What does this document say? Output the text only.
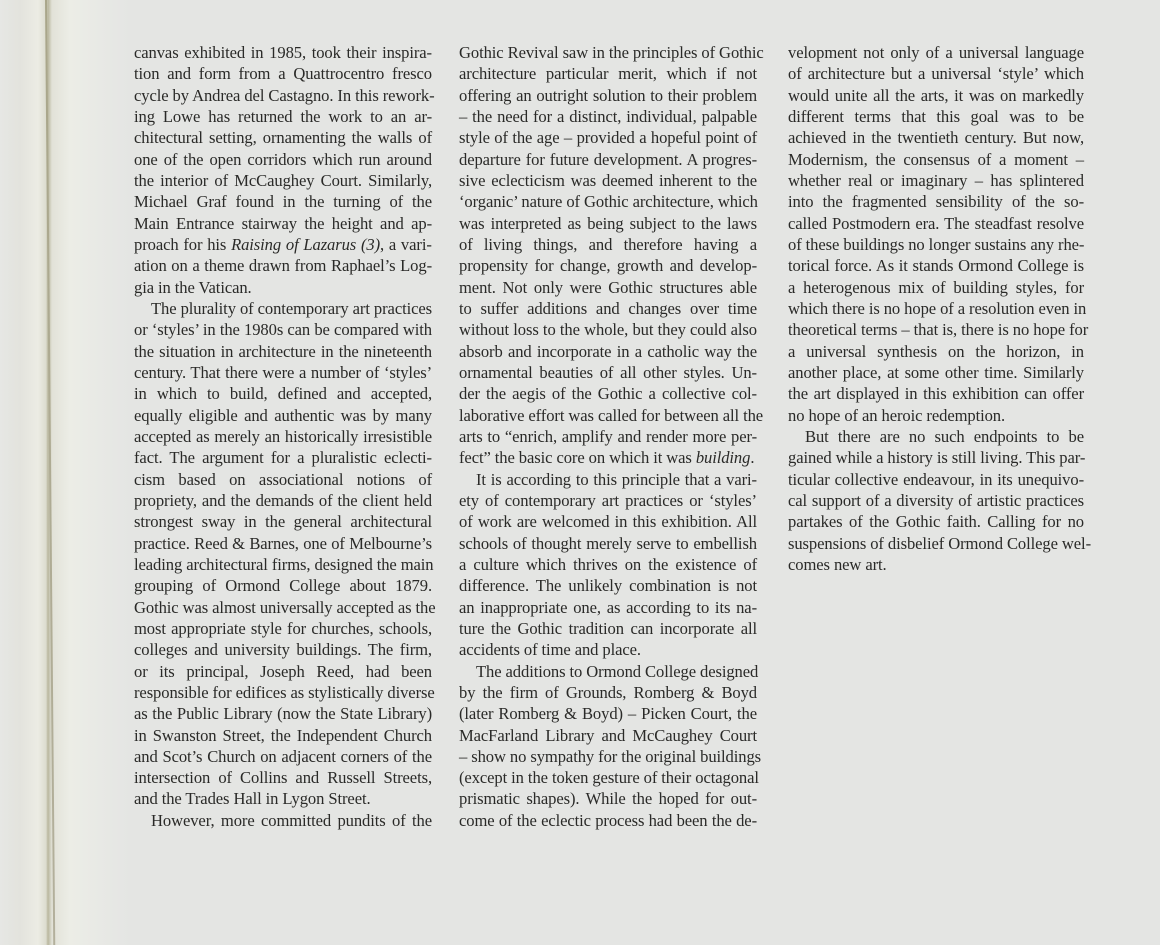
canvas exhibited in 1985, took their inspira-
tion and form from a Quattrocentro fresco
cycle by Andrea del Castagno. In this rework-
ing Lowe has returned the work to an ar-
chitectural setting, ornamenting the walls of
one of the open corridors which run around
the interior of McCaughey Court. Similarly,
Michael Graf found in the turning of the
Main Entrance stairway the height and ap-
proach for his Raising of Lazarus (3), a vari-
ation on a theme drawn from Raphael’s Log-
gia in the Vatican.
The plurality of contemporary art practices
or ‘styles’ in the 1980s can be compared with
the situation in architecture in the nineteenth
century. That there were a number of ‘styles’
in which to build, defined and accepted,
equally eligible and authentic was by many
accepted as merely an historically irresistible
fact. The argument for a pluralistic eclecti-
cism based on associational notions of
propriety, and the demands of the client held
strongest sway in the general architectural
practice. Reed & Barnes, one of Melbourne’s
leading architectural firms, designed the main
grouping of Ormond College about 1879.
Gothic was almost universally accepted as the
most appropriate style for churches, schools,
colleges and university buildings. The firm,
or its principal, Joseph Reed, had been
responsible for edifices as stylistically diverse
as the Public Library (now the State Library)
in Swanston Street, the Independent Church
and Scot’s Church on adjacent corners of the
intersection of Collins and Russell Streets,
and the Trades Hall in Lygon Street.
However, more committed pundits of the
Gothic Revival saw in the principles of Gothic
architecture particular merit, which if not
offering an outright solution to their problem
– the need for a distinct, individual, palpable
style of the age – provided a hopeful point of
departure for future development. A progres-
sive eclecticism was deemed inherent to the
‘organic’ nature of Gothic architecture, which
was interpreted as being subject to the laws
of living things, and therefore having a
propensity for change, growth and develop-
ment. Not only were Gothic structures able
to suffer additions and changes over time
without loss to the whole, but they could also
absorb and incorporate in a catholic way the
ornamental beauties of all other styles. Un-
der the aegis of the Gothic a collective col-
laborative effort was called for between all the
arts to “enrich, amplify and render more per-
fect” the basic core on which it was building.
It is according to this principle that a vari-
ety of contemporary art practices or ‘styles’
of work are welcomed in this exhibition. All
schools of thought merely serve to embellish
a culture which thrives on the existence of
difference. The unlikely combination is not
an inappropriate one, as according to its na-
ture the Gothic tradition can incorporate all
accidents of time and place.
The additions to Ormond College designed
by the firm of Grounds, Romberg & Boyd
(later Romberg & Boyd) – Picken Court, the
MacFarland Library and McCaughey Court
– show no sympathy for the original buildings
(except in the token gesture of their octagonal
prismatic shapes). While the hoped for out-
come of the eclectic process had been the de-
velopment not only of a universal language
of architecture but a universal ‘style’ which
would unite all the arts, it was on markedly
different terms that this goal was to be
achieved in the twentieth century. But now,
Modernism, the consensus of a moment –
whether real or imaginary – has splintered
into the fragmented sensibility of the so-
called Postmodern era. The steadfast resolve
of these buildings no longer sustains any rhe-
torical force. As it stands Ormond College is
a heterogenous mix of building styles, for
which there is no hope of a resolution even in
theoretical terms – that is, there is no hope for
a universal synthesis on the horizon, in
another place, at some other time. Similarly
the art displayed in this exhibition can offer
no hope of an heroic redemption.
But there are no such endpoints to be
gained while a history is still living. This par-
ticular collective endeavour, in its unequivo-
cal support of a diversity of artistic practices
partakes of the Gothic faith. Calling for no
suspensions of disbelief Ormond College wel-
comes new art.
